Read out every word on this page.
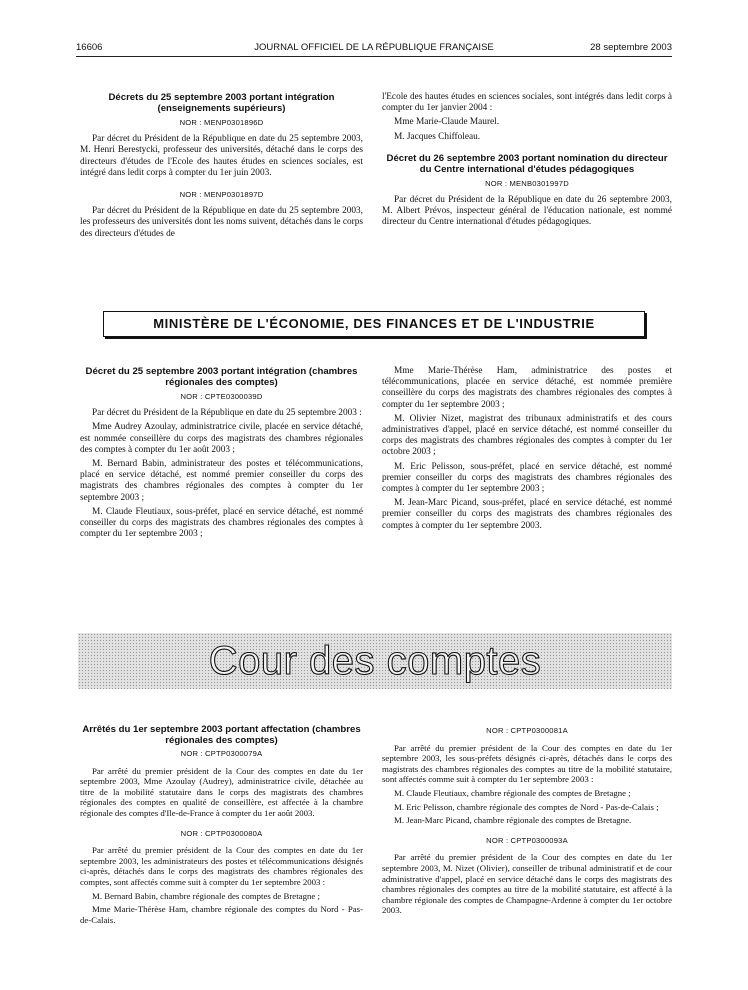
16606	JOURNAL OFFICIEL DE LA RÉPUBLIQUE FRANÇAISE	28 septembre 2003
Décrets du 25 septembre 2003 portant intégration (enseignements supérieurs)
NOR : MENP0301896D

Par décret du Président de la République en date du 25 septembre 2003, M. Henri Berestycki, professeur des universités, détaché dans le corps des directeurs d'études de l'Ecole des hautes études en sciences sociales, est intégré dans ledit corps à compter du 1er juin 2003.

NOR : MENP0301897D

Par décret du Président de la République en date du 25 septembre 2003, les professeurs des universités dont les noms suivent, détachés dans le corps des directeurs d'études de

l'Ecole des hautes études en sciences sociales, sont intégrés dans ledit corps à compter du 1er janvier 2004 :

Mme Marie-Claude Maurel.

M. Jacques Chiffoleau.

Décret du 26 septembre 2003 portant nomination du directeur du Centre international d'études pédagogiques
NOR : MENB0301997D

Par décret du Président de la République en date du 26 septembre 2003, M. Albert Prévos, inspecteur général de l'éducation nationale, est nommé directeur du Centre international d'études pédagogiques.

MINISTÈRE DE L'ÉCONOMIE, DES FINANCES ET DE L'INDUSTRIE
Décret du 25 septembre 2003 portant intégration (chambres régionales des comptes)
NOR : CPTE0300039D

Par décret du Président de la République en date du 25 septembre 2003 :

Mme Audrey Azoulay, administratrice civile, placée en service détaché, est nommée conseillère du corps des magistrats des chambres régionales des comptes à compter du 1er août 2003 ;

M. Bernard Babin, administrateur des postes et télécommunications, placé en service détaché, est nommé premier conseiller du corps des magistrats des chambres régionales des comptes à compter du 1er septembre 2003 ;

M. Claude Fleutiaux, sous-préfet, placé en service détaché, est nommé conseiller du corps des magistrats des chambres régionales des comptes à compter du 1er septembre 2003 ;

Mme Marie-Thérèse Ham, administratrice des postes et télécommunications, placée en service détaché, est nommée première conseillère du corps des magistrats des chambres régionales des comptes à compter du 1er septembre 2003 ;

M. Olivier Nizet, magistrat des tribunaux administratifs et des cours administratives d'appel, placé en service détaché, est nommé conseiller du corps des magistrats des chambres régionales des comptes à compter du 1er octobre 2003 ;

M. Eric Pelisson, sous-préfet, placé en service détaché, est nommé premier conseiller du corps des magistrats des chambres régionales des comptes à compter du 1er septembre 2003 ;

M. Jean-Marc Picand, sous-préfet, placé en service détaché, est nommé premier conseiller du corps des magistrats des chambres régionales des comptes à compter du 1er septembre 2003.

Cour des comptes
Arrêtés du 1er septembre 2003 portant affectation (chambres régionales des comptes)
NOR : CPTP0300079A

Par arrêté du premier président de la Cour des comptes en date du 1er septembre 2003, Mme Azoulay (Audrey), administratrice civile, détachée au titre de la mobilité statutaire dans le corps des magistrats des chambres régionales des comptes en qualité de conseillère, est affectée à la chambre régionale des comptes d'Ile-de-France à compter du 1er août 2003.

NOR : CPTP0300080A

Par arrêté du premier président de la Cour des comptes en date du 1er septembre 2003, les administrateurs des postes et télécommunications désignés ci-après, détachés dans le corps des magistrats des chambres régionales des comptes, sont affectés comme suit à compter du 1er septembre 2003 :

M. Bernard Babin, chambre régionale des comptes de Bretagne ;

Mme Marie-Thérèse Ham, chambre régionale des comptes du Nord - Pas-de-Calais.

NOR : CPTP0300081A

Par arrêté du premier président de la Cour des comptes en date du 1er septembre 2003, les sous-préfets désignés ci-après, détachés dans le corps des magistrats des chambres régionales des comptes au titre de la mobilité statutaire, sont affectés comme suit à compter du 1er septembre 2003 :

M. Claude Fleutiaux, chambre régionale des comptes de Bretagne ;

M. Eric Pelisson, chambre régionale des comptes de Nord - Pas-de-Calais ;

M. Jean-Marc Picand, chambre régionale des comptes de Bretagne.

NOR : CPTP0300093A

Par arrêté du premier président de la Cour des comptes en date du 1er septembre 2003, M. Nizet (Olivier), conseiller de tribunal administratif et de cour administrative d'appel, placé en service détaché dans le corps des magistrats des chambres régionales des comptes au titre de la mobilité statutaire, est affecté à la chambre régionale des comptes de Champagne-Ardenne à compter du 1er octobre 2003.
